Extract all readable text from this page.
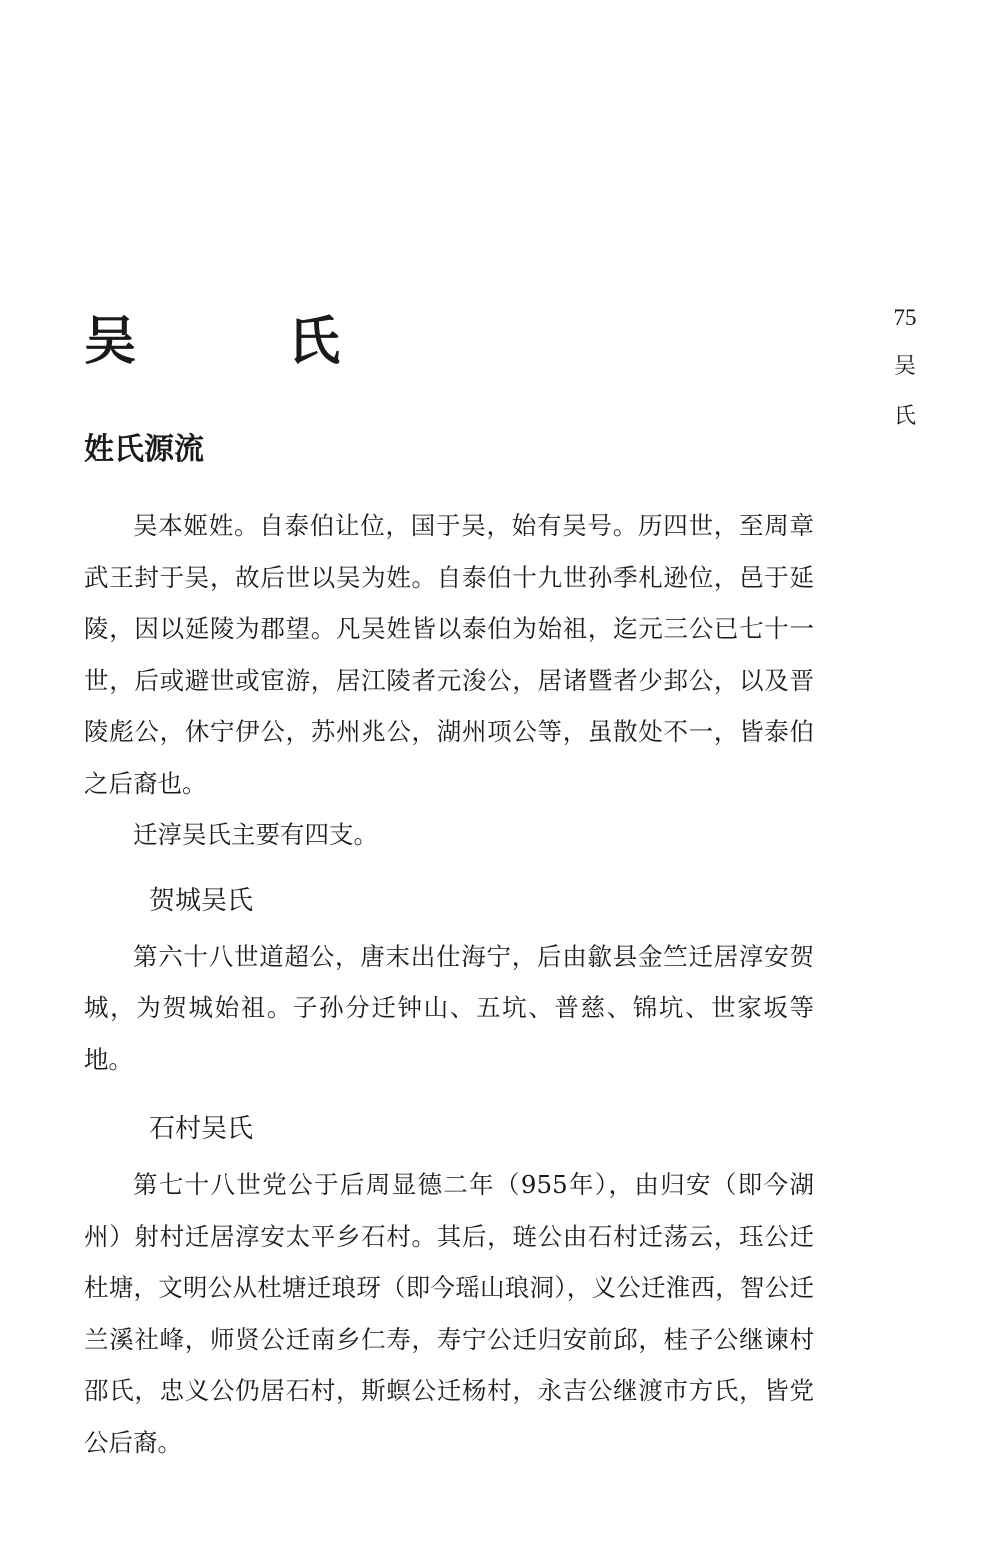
吴　氏	75
吴
氏
姓氏源流

吴本姬姓。自泰伯让位，国于吴，始有吴号。历四世，至周章武王封于吴，故后世以吴为姓。自泰伯十九世孙季札逊位，邑于延陵，因以延陵为郡望。凡吴姓皆以泰伯为始祖，迄元三公已七十一世，后或避世或宦游，居江陵者元浚公，居诸暨者少邽公，以及晋陵彪公，休宁伊公，苏州兆公，湖州项公等，虽散处不一，皆泰伯之后裔也。

迁淳吴氏主要有四支。

贺城吴氏

第六十八世道超公，唐末出仕海宁，后由歙县金竺迁居淳安贺城，为贺城始祖。子孙分迁钟山、五坑、普慈、锦坑、世家坂等地。

石村吴氏

第七十八世党公于后周显德二年（955年），由归安（即今湖州）射村迁居淳安太平乡石村。其后，琏公由石村迁荡云，珏公迁杜塘，文明公从杜塘迁琅玡（即今瑶山琅洞），义公迁淮西，智公迁兰溪社峰，师贤公迁南乡仁寿，寿宁公迁归安前邱，桂子公继谏村邵氏，忠义公仍居石村，斯螟公迁杨村，永吉公继渡市方氏，皆党公后裔。
